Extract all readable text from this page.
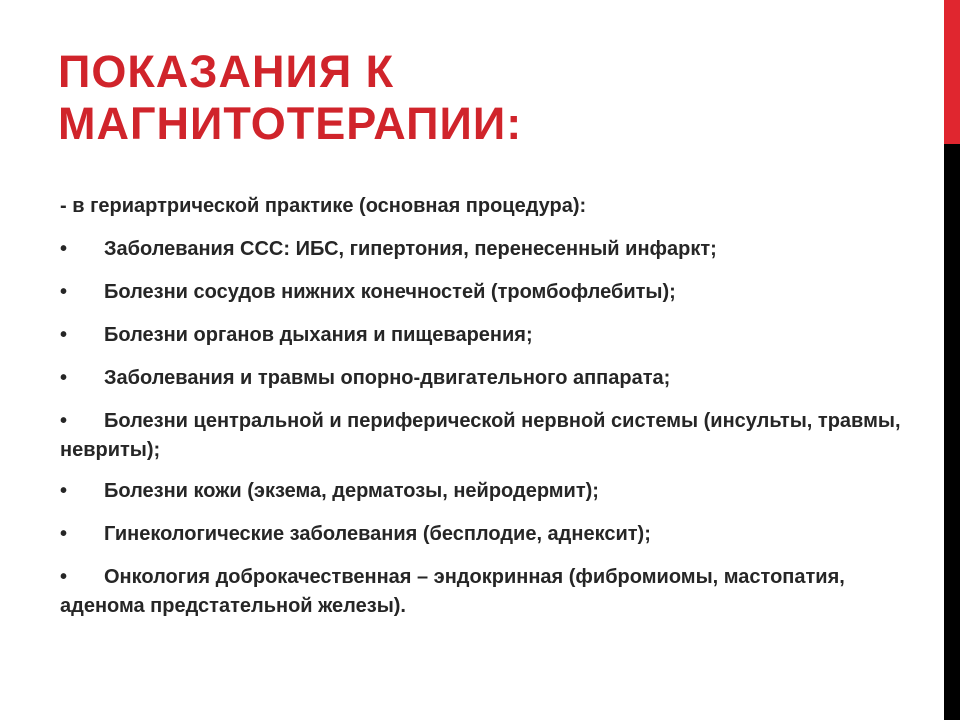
ПОКАЗАНИЯ К
МАГНИТОТЕРАПИИ:

- в гериартрической практике (основная процедура):

• Заболевания ССС: ИБС, гипертония, перенесенный инфаркт;
• Болезни сосудов нижних конечностей (тромбофлебиты);
• Болезни органов дыхания и пищеварения;
• Заболевания и травмы опорно-двигательного аппарата;
• Болезни центральной и периферической нервной системы (инсульты, травмы, невриты);
• Болезни кожи (экзема, дерматозы, нейродермит);
• Гинекологические заболевания (бесплодие, аднексит);
• Онкология доброкачественная – эндокринная (фибромиомы, мастопатия, аденома предстательной железы).
